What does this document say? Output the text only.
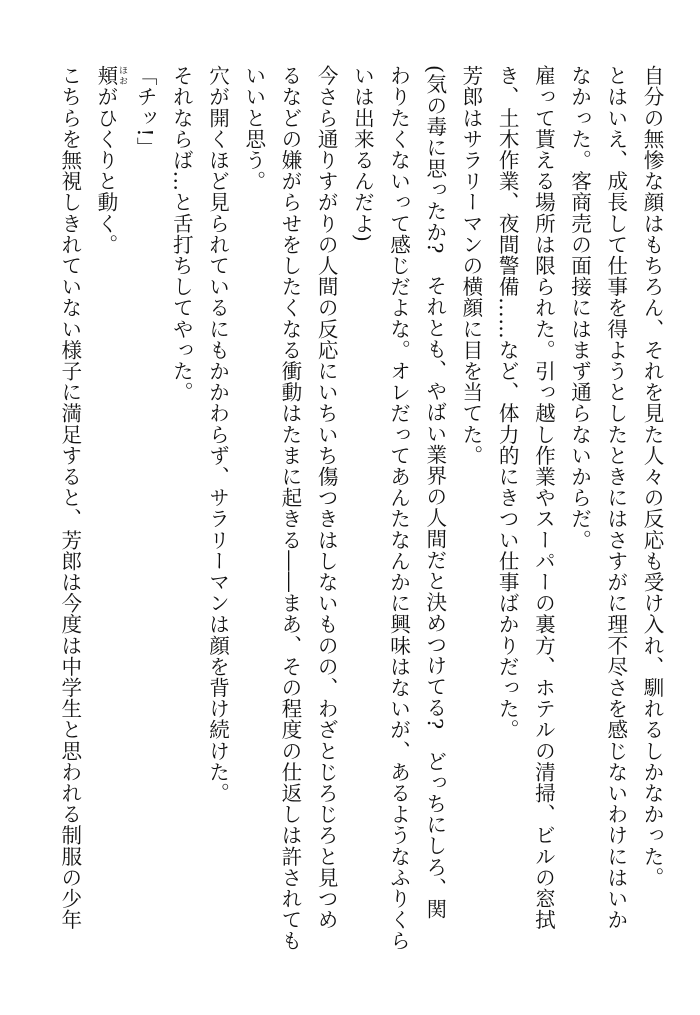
自分の無惨な顔はもちろん、それを見た人々の反応も受け入れ、馴れるしかなかった。

とはいえ、成長して仕事を得ようとしたときにはさすがに理不尽さを感じないわけにはいか

なかった。客商売の面接にはまず通らないからだ。

雇って貰える場所は限られた。引っ越し作業やスーパーの裏方、ホテルの清掃、ビルの窓拭

き、土木作業、夜間警備……など、体力的にきつい仕事ばかりだった。

芳郎はサラリーマンの横顔に目を当てた。

(気の毒に思ったか?　それとも、やばい業界の人間だと決めつけてる?　どっちにしろ、関

わりたくないって感じだよな。オレだってあんたなんかに興味はないが、あるようなふりくら

いは出来るんだよ)

今さら通りすがりの人間の反応にいちいち傷つきはしないものの、わざとじろじろと見つめ

るなどの嫌がらせをしたくなる衝動はたまに起きる――まあ、その程度の仕返しは許されても

いいと思う。

穴が開くほど見られているにもかかわらず、サラリーマンは顔を背け続けた。

それならば…と舌打ちしてやった。

「チッ!」

頬 ほおがひくりと動く。

こちらを無視しきれていない様子に満足すると、芳郎は今度は中学生と思われる制服の少年
